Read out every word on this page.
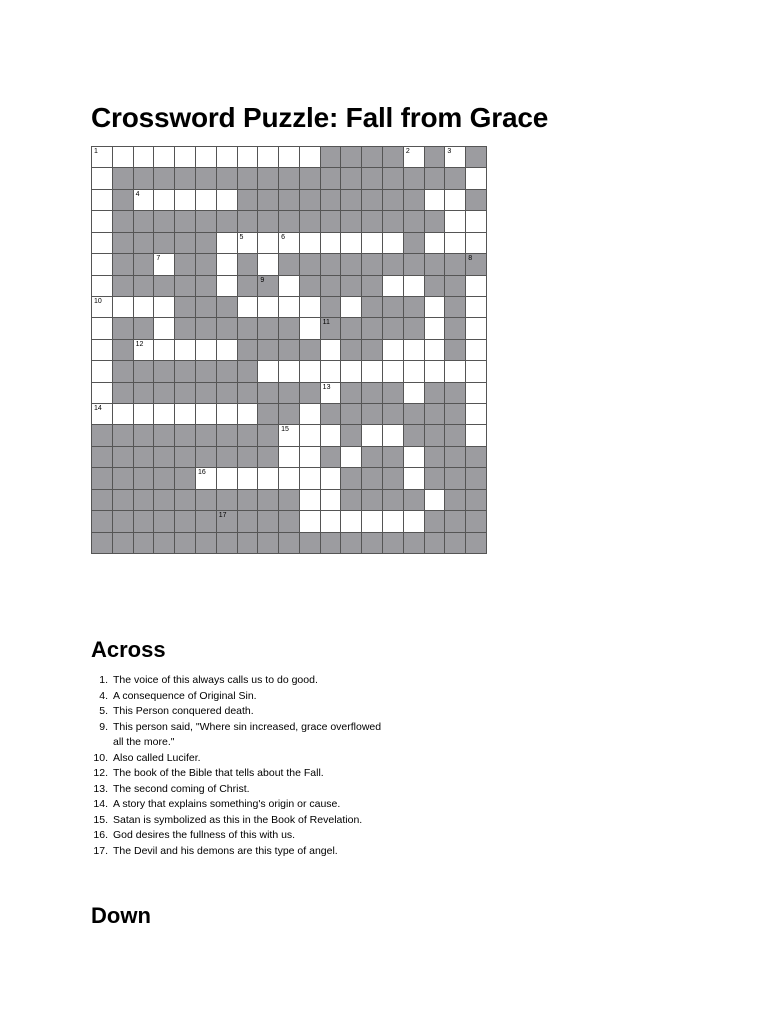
Crossword Puzzle: Fall from Grace
1	2	3
4
5	6
7	8
9
10
11
12
13
14
15
16
17
Across
1. The voice of this always calls us to do good.
4. A consequence of Original Sin.
5. This Person conquered death.
9. This person said, "Where sin increased, grace overflowed all the more."
10. Also called Lucifer.
12. The book of the Bible that tells about the Fall.
13. The second coming of Christ.
14. A story that explains something's origin or cause.
15. Satan is symbolized as this in the Book of Revelation.
16. God desires the fullness of this with us.
17. The Devil and his demons are this type of angel.
Down
